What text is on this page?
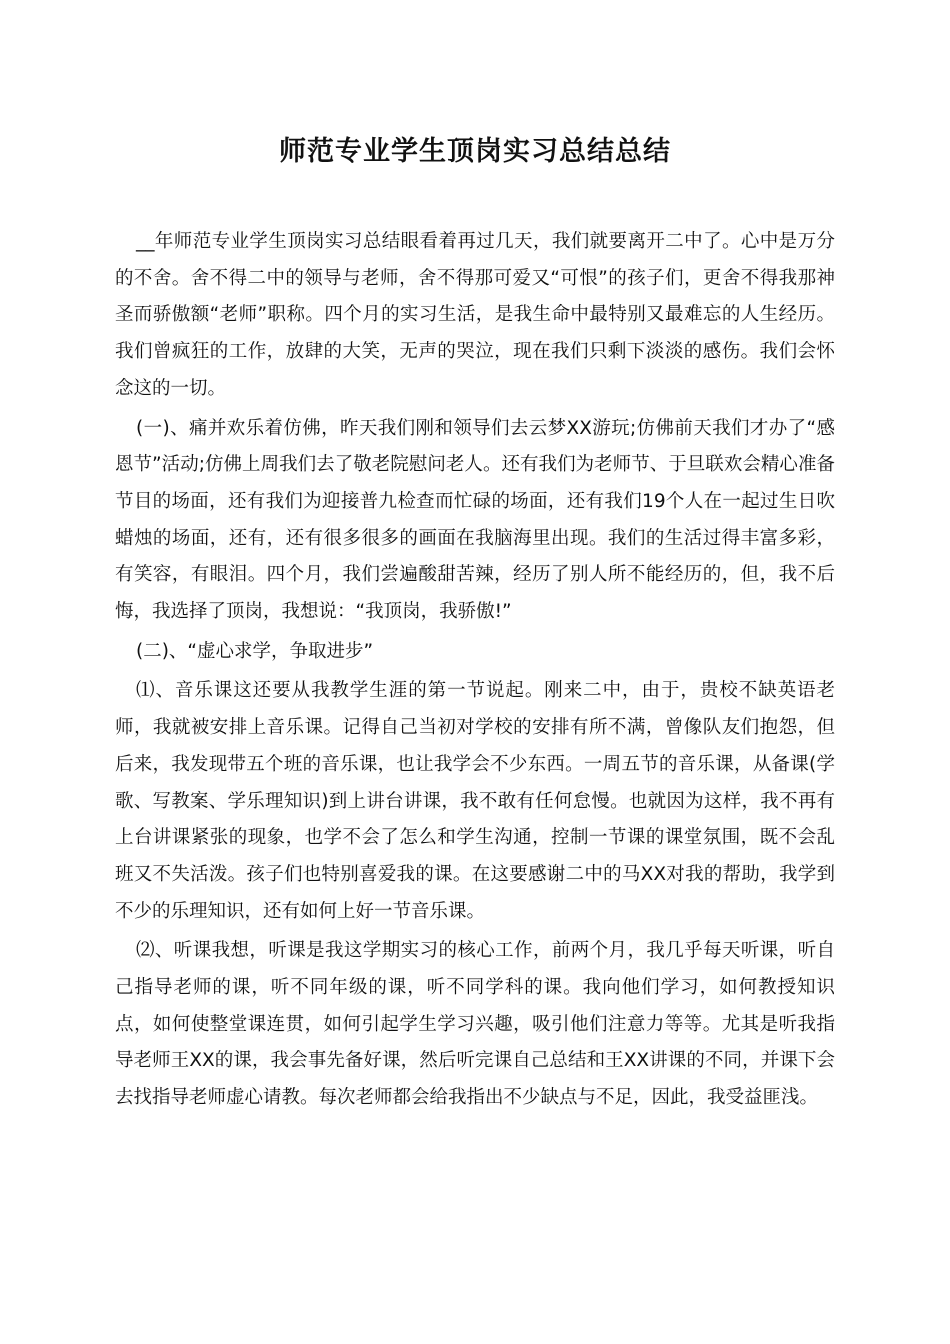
师范专业学生顶岗实习总结总结

__年师范专业学生顶岗实习总结眼看着再过几天，我们就要离开二中了。心中是万分的不舍。舍不得二中的领导与老师，舍不得那可爱又“可恨”的孩子们，更舍不得我那神圣而骄傲额“老师”职称。四个月的实习生活，是我生命中最特别又最难忘的人生经历。我们曾疯狂的工作，放肆的大笑，无声的哭泣，现在我们只剩下淡淡的感伤。我们会怀念这的一切。

(一)、痛并欢乐着仿佛，昨天我们刚和领导们去云梦XX游玩;仿佛前天我们才办了“感恩节”活动;仿佛上周我们去了敬老院慰问老人。还有我们为老师节、于旦联欢会精心准备节目的场面，还有我们为迎接普九检查而忙碌的场面，还有我们19个人在一起过生日吹蜡烛的场面，还有，还有很多很多的画面在我脑海里出现。我们的生活过得丰富多彩，有笑容，有眼泪。四个月，我们尝遍酸甜苦辣，经历了别人所不能经历的，但，我不后悔，我选择了顶岗，我想说：“我顶岗，我骄傲!”

(二)、“虚心求学，争取进步”

⑴、音乐课这还要从我教学生涯的第一节说起。刚来二中，由于，贵校不缺英语老师，我就被安排上音乐课。记得自己当初对学校的安排有所不满，曾像队友们抱怨，但后来，我发现带五个班的音乐课，也让我学会不少东西。一周五节的音乐课，从备课(学歌、写教案、学乐理知识)到上讲台讲课，我不敢有任何怠慢。也就因为这样，我不再有上台讲课紧张的现象，也学不会了怎么和学生沟通，控制一节课的课堂氛围，既不会乱班又不失活泼。孩子们也特别喜爱我的课。在这要感谢二中的马XX对我的帮助，我学到不少的乐理知识，还有如何上好一节音乐课。

⑵、听课我想，听课是我这学期实习的核心工作，前两个月，我几乎每天听课，听自己指导老师的课，听不同年级的课，听不同学科的课。我向他们学习，如何教授知识点，如何使整堂课连贯，如何引起学生学习兴趣，吸引他们注意力等等。尤其是听我指导老师王XX的课，我会事先备好课，然后听完课自己总结和王XX讲课的不同，并课下会去找指导老师虚心请教。每次老师都会给我指出不少缺点与不足，因此，我受益匪浅。
